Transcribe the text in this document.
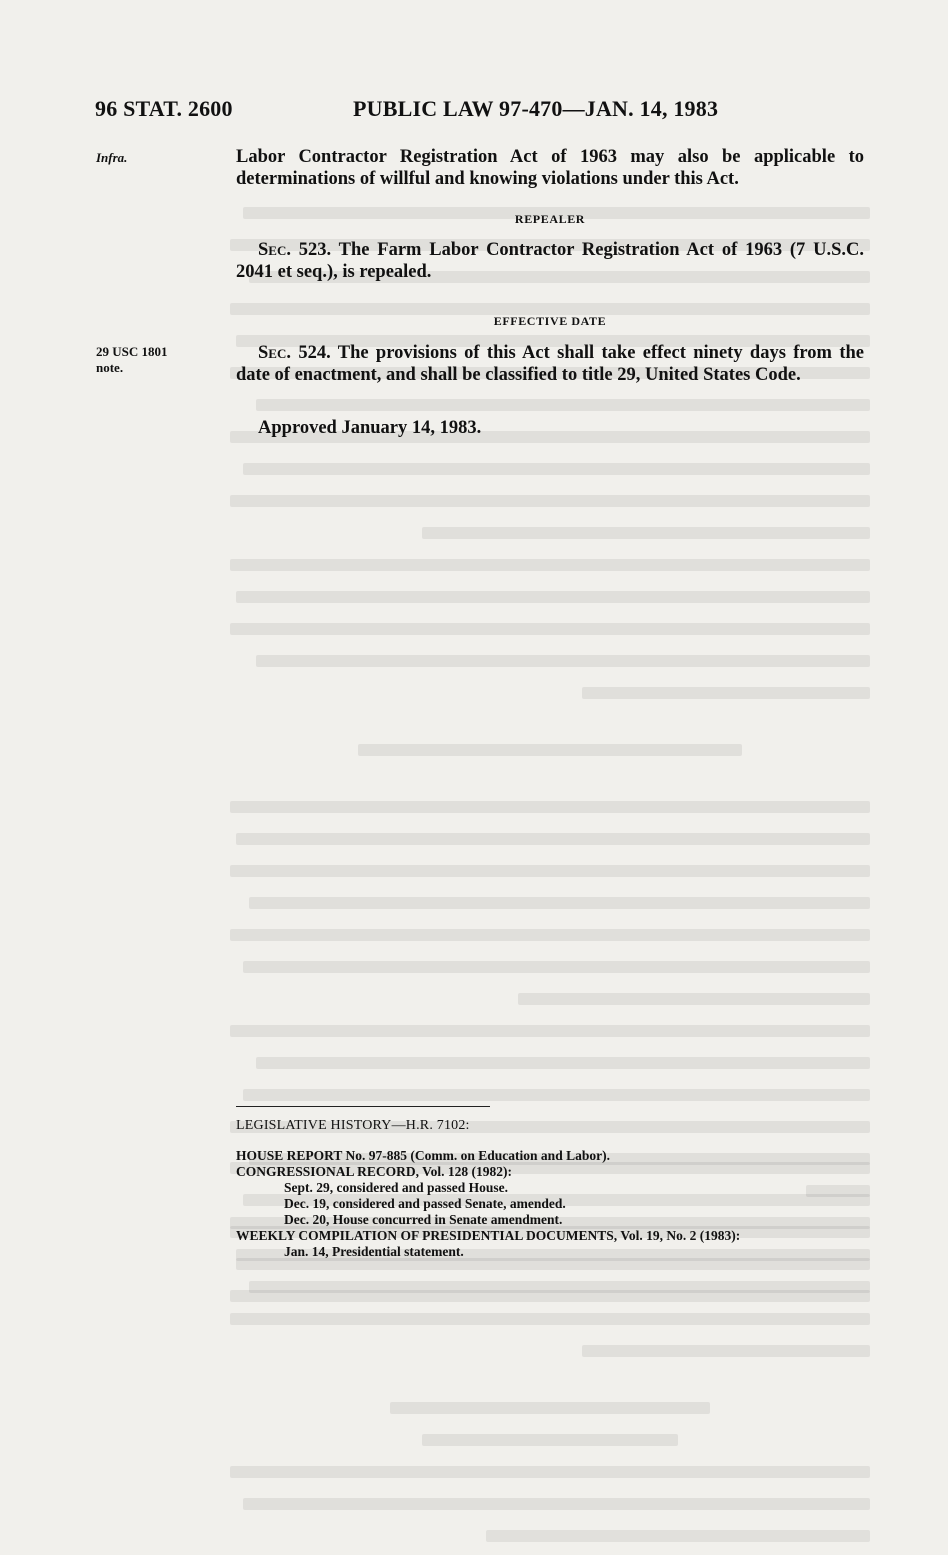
96 STAT. 2600	PUBLIC LAW 97-470—JAN. 14, 1983
Infra.
29 USC 1801
note.
Labor Contractor Registration Act of 1963 may also be applicable to determinations of willful and knowing violations under this Act.
REPEALER
Sec. 523. The Farm Labor Contractor Registration Act of 1963 (7 U.S.C. 2041 et seq.), is repealed.
EFFECTIVE DATE
Sec. 524. The provisions of this Act shall take effect ninety days from the date of enactment, and shall be classified to title 29, United States Code.
Approved January 14, 1983.
LEGISLATIVE HISTORY—H.R. 7102:
HOUSE REPORT No. 97-885 (Comm. on Education and Labor).
CONGRESSIONAL RECORD, Vol. 128 (1982):
Sept. 29, considered and passed House.
Dec. 19, considered and passed Senate, amended.
Dec. 20, House concurred in Senate amendment.
WEEKLY COMPILATION OF PRESIDENTIAL DOCUMENTS, Vol. 19, No. 2 (1983):
Jan. 14, Presidential statement.
